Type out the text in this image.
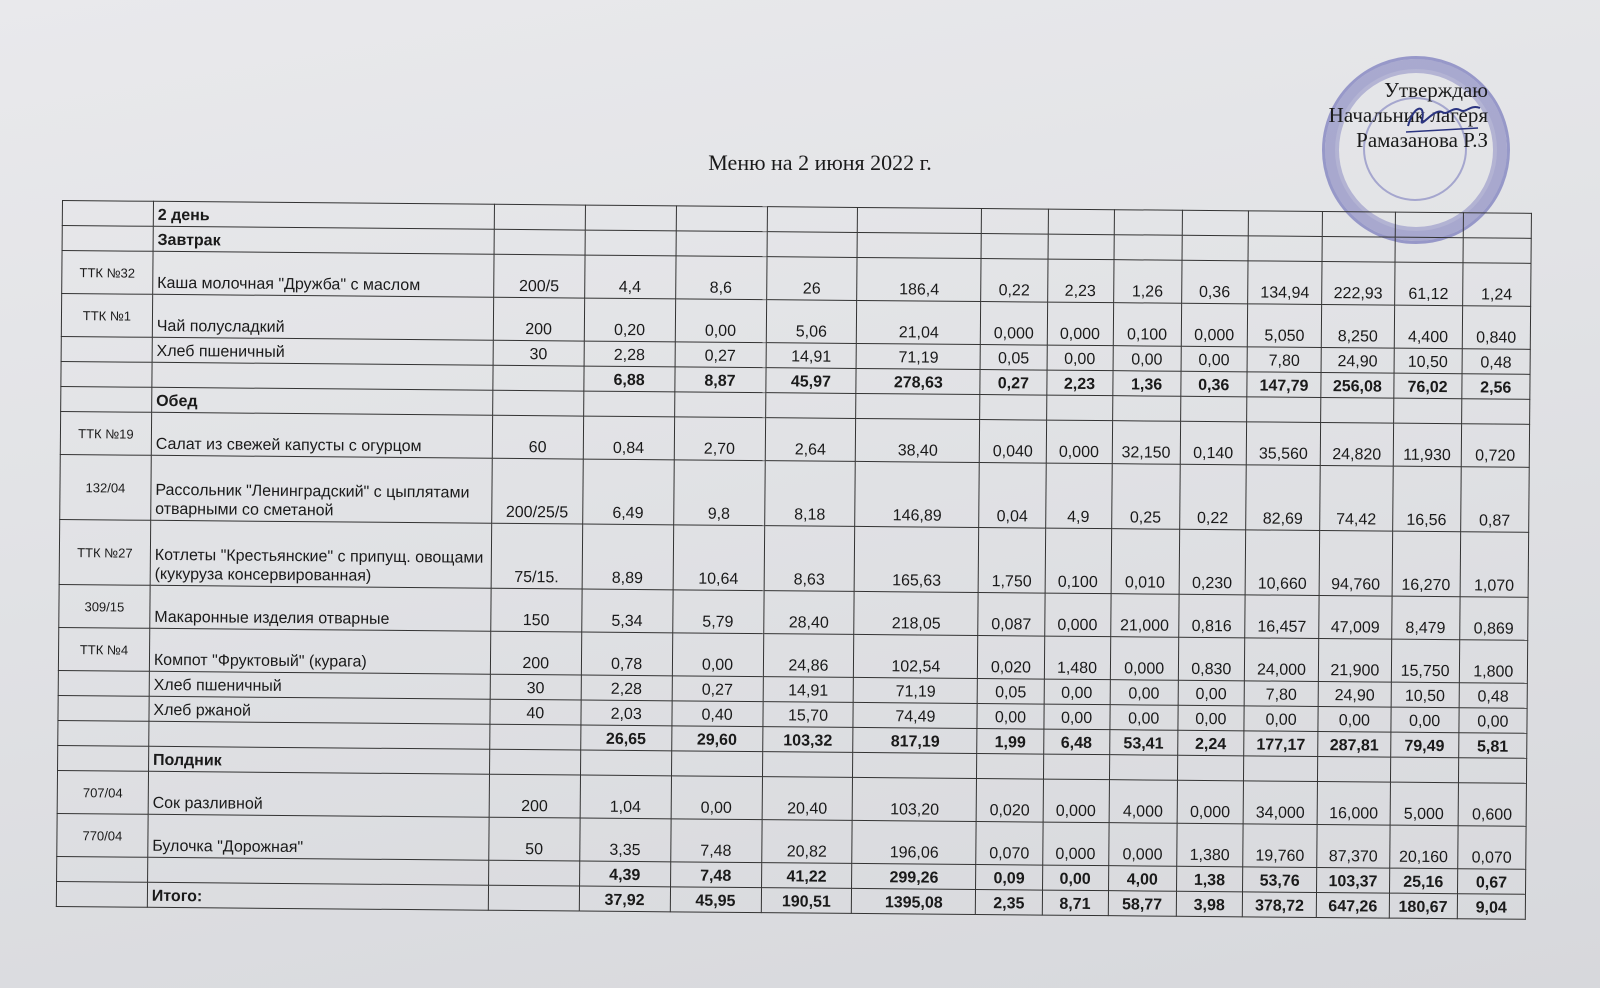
Утверждаю
Начальник лагеря
Рамазанова Р.З
Меню на 2 июня 2022 г.
	2 день													
	Завтрак													
ТТК №32	Каша молочная "Дружба" с маслом	200/5	4,4	8,6	26	186,4	0,22	2,23	1,26	0,36	134,94	222,93	61,12	1,24
ТТК №1	Чай полусладкий	200	0,20	0,00	5,06	21,04	0,000	0,000	0,100	0,000	5,050	8,250	4,400	0,840
	Хлеб пшеничный	30	2,28	0,27	14,91	71,19	0,05	0,00	0,00	0,00	7,80	24,90	10,50	0,48
			6,88	8,87	45,97	278,63	0,27	2,23	1,36	0,36	147,79	256,08	76,02	2,56
	Обед													
ТТК №19	Салат из свежей капусты с огурцом	60	0,84	2,70	2,64	38,40	0,040	0,000	32,150	0,140	35,560	24,820	11,930	0,720
132/04	Рассольник "Ленинградский" с цыплятами отварными со сметаной	200/25/5	6,49	9,8	8,18	146,89	0,04	4,9	0,25	0,22	82,69	74,42	16,56	0,87
ТТК №27	Котлеты "Крестьянские" с припущ. овощами (кукуруза консервированная)	75/15.	8,89	10,64	8,63	165,63	1,750	0,100	0,010	0,230	10,660	94,760	16,270	1,070
309/15	Макаронные изделия отварные	150	5,34	5,79	28,40	218,05	0,087	0,000	21,000	0,816	16,457	47,009	8,479	0,869
ТТК №4	Компот "Фруктовый" (курага)	200	0,78	0,00	24,86	102,54	0,020	1,480	0,000	0,830	24,000	21,900	15,750	1,800
	Хлеб пшеничный	30	2,28	0,27	14,91	71,19	0,05	0,00	0,00	0,00	7,80	24,90	10,50	0,48
	Хлеб ржаной	40	2,03	0,40	15,70	74,49	0,00	0,00	0,00	0,00	0,00	0,00	0,00	0,00
			26,65	29,60	103,32	817,19	1,99	6,48	53,41	2,24	177,17	287,81	79,49	5,81
	Полдник													
707/04	Сок разливной	200	1,04	0,00	20,40	103,20	0,020	0,000	4,000	0,000	34,000	16,000	5,000	0,600
770/04	Булочка "Дорожная"	50	3,35	7,48	20,82	196,06	0,070	0,000	0,000	1,380	19,760	87,370	20,160	0,070
			4,39	7,48	41,22	299,26	0,09	0,00	4,00	1,38	53,76	103,37	25,16	0,67
	Итого:		37,92	45,95	190,51	1395,08	2,35	8,71	58,77	3,98	378,72	647,26	180,67	9,04
